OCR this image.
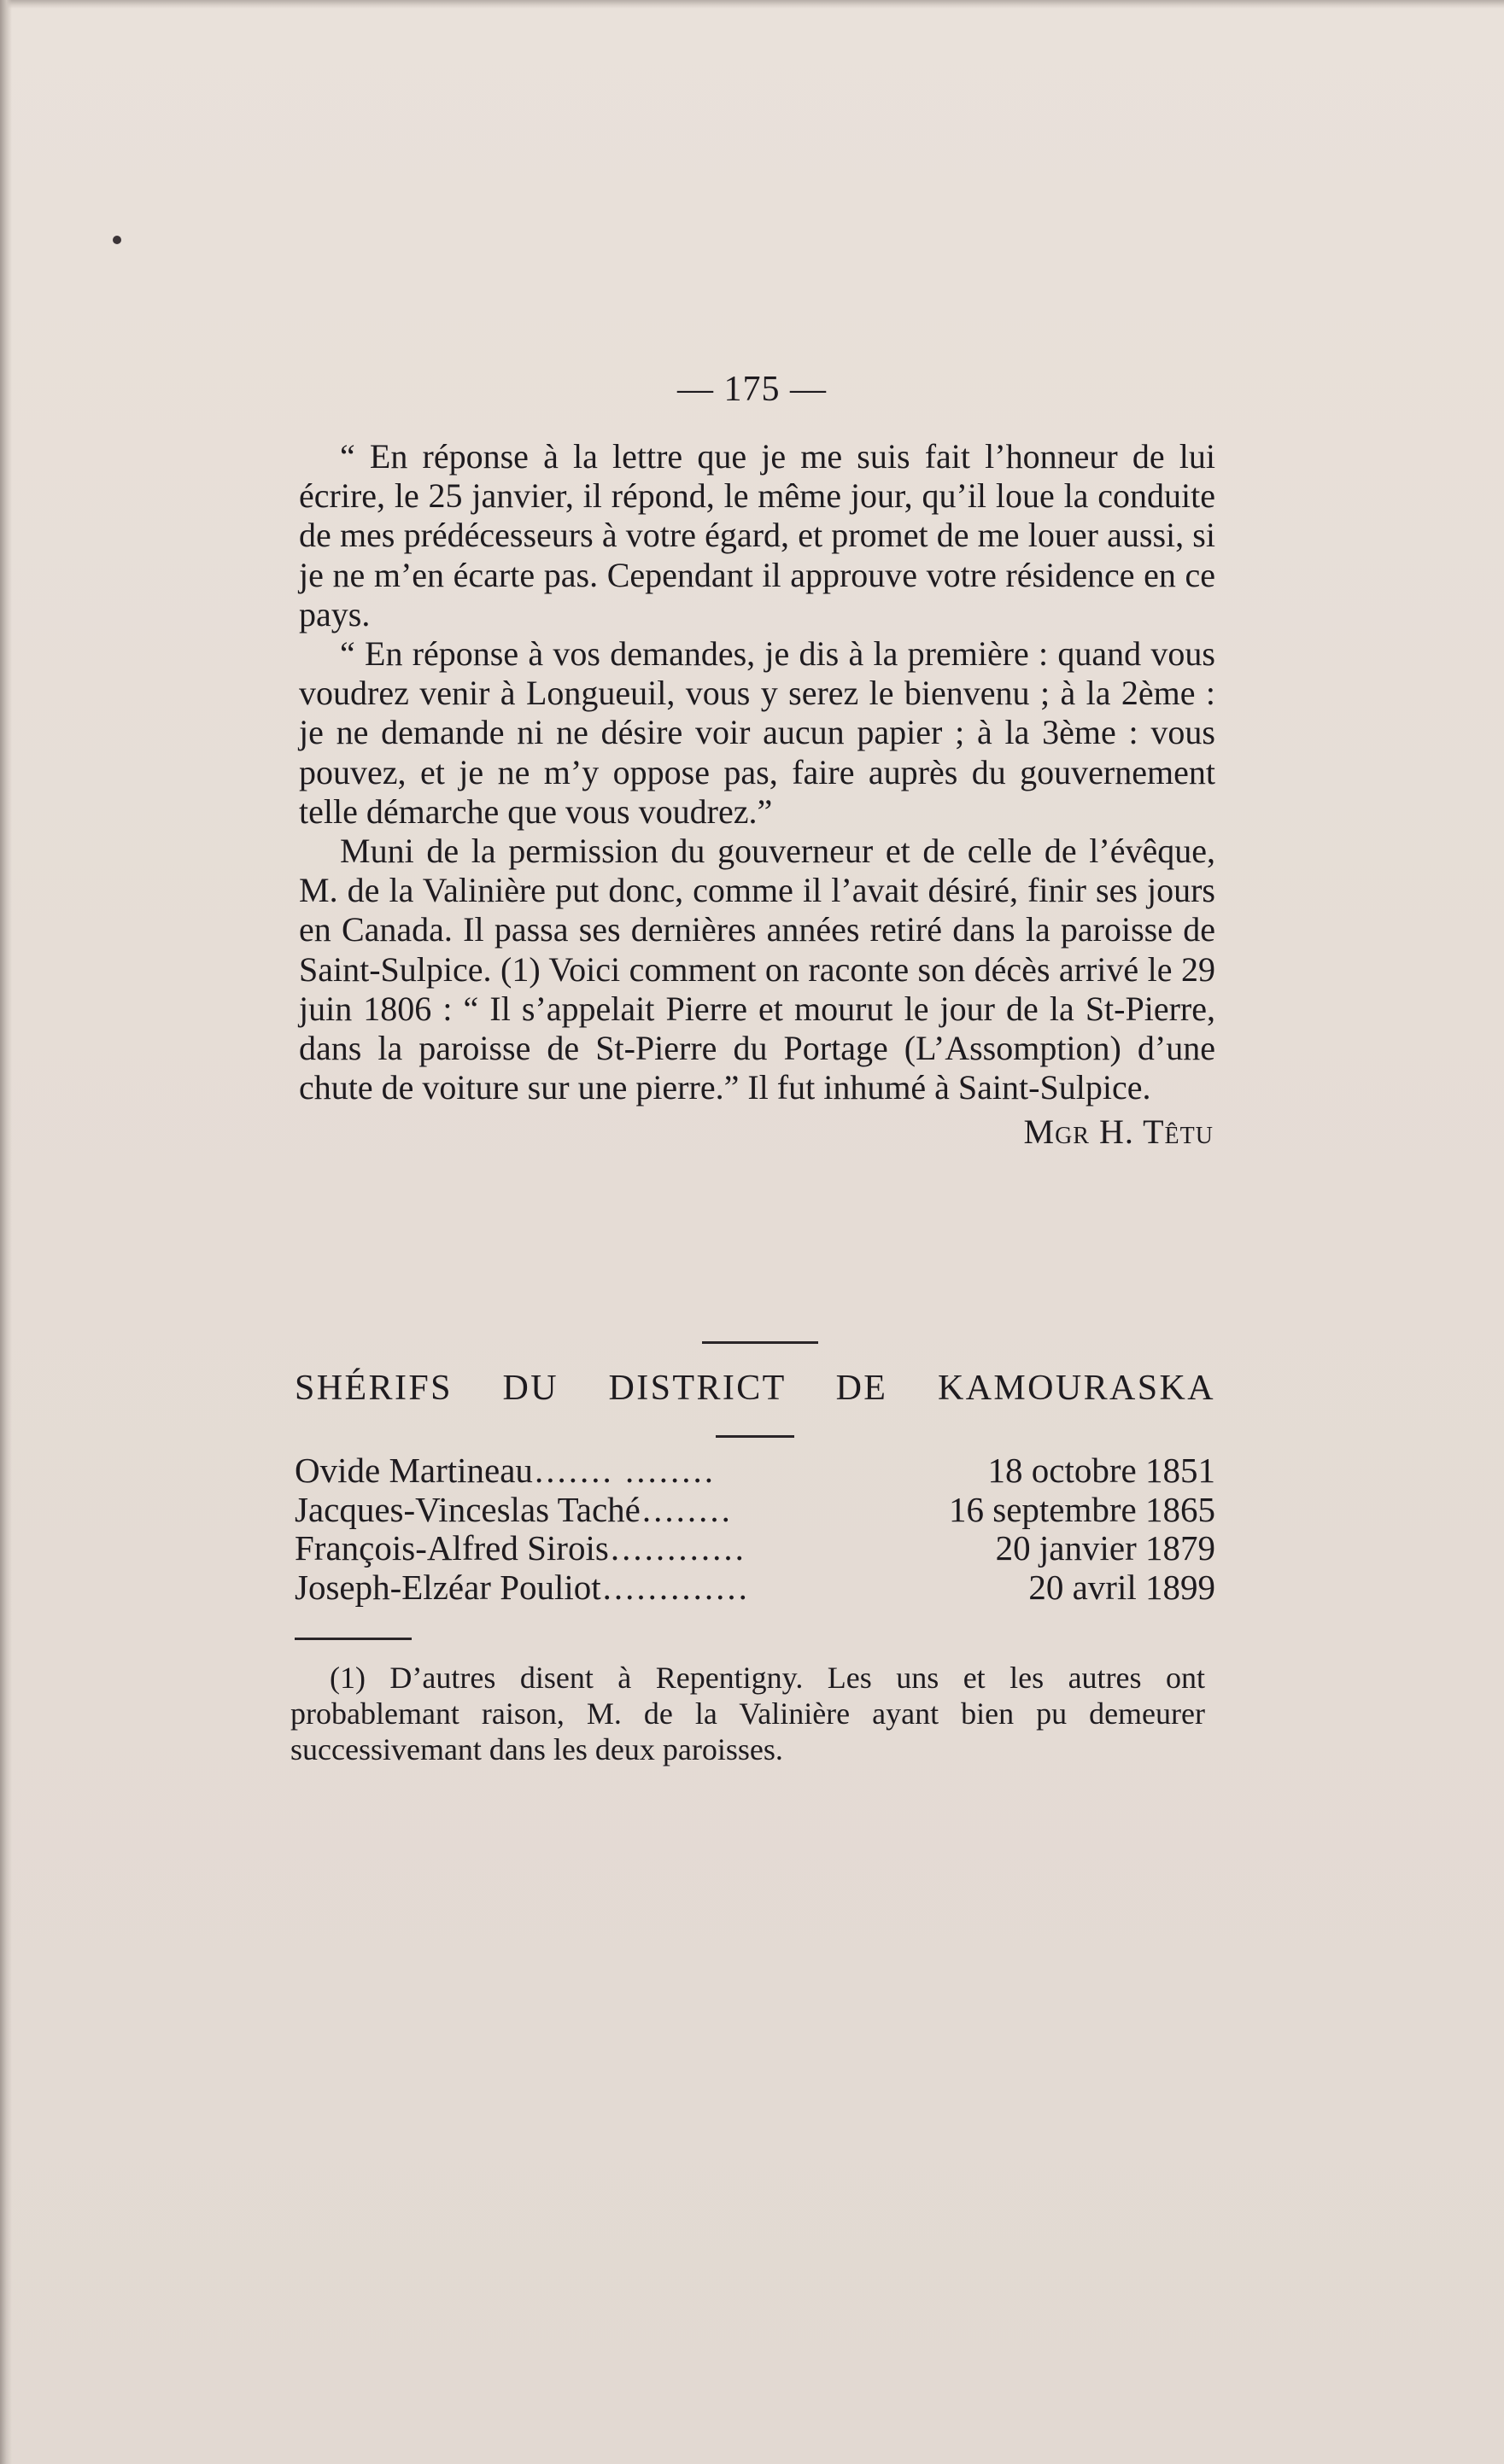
— 175 —

“ En réponse à la lettre que je me suis fait l’honneur de lui écrire, le 25 janvier, il répond, le même jour, qu’il loue la conduite de mes prédécesseurs à votre égard, et promet de me louer aussi, si je ne m’en écarte pas. Cependant il approuve votre résidence en ce pays.

“ En réponse à vos demandes, je dis à la première : quand vous voudrez venir à Longueuil, vous y serez le bienvenu ; à la 2ème : je ne demande ni ne désire voir aucun papier ; à la 3ème : vous pouvez, et je ne m’y oppose pas, faire auprès du gouvernement telle démarche que vous voudrez.”

Muni de la permission du gouverneur et de celle de l’évêque, M. de la Valinière put donc, comme il l’avait désiré, finir ses jours en Canada. Il passa ses dernières années retiré dans la paroisse de Saint-Sulpice. (1) Voici comment on raconte son décès arrivé le 29 juin 1806 : “ Il s’appelait Pierre et mourut le jour de la St-Pierre, dans la paroisse de St-Pierre du Portage (L’Assomption) d’une chute de voiture sur une pierre.” Il fut inhumé à Saint-Sulpice.

Mgr H. Têtu
SHÉRIFS DU DISTRICT DE KAMOURASKA
Ovide Martineau ....... ........	18 octobre 1851
Jacques-Vinceslas Taché ........	16 septembre 1865
François-Alfred Sirois ............	20 janvier 1879
Joseph-Elzéar Pouliot .............	20 avril 1899
(1) D’autres disent à Repentigny. Les uns et les autres ont probablemant raison, M. de la Valinière ayant bien pu demeurer successivemant dans les deux paroisses.
